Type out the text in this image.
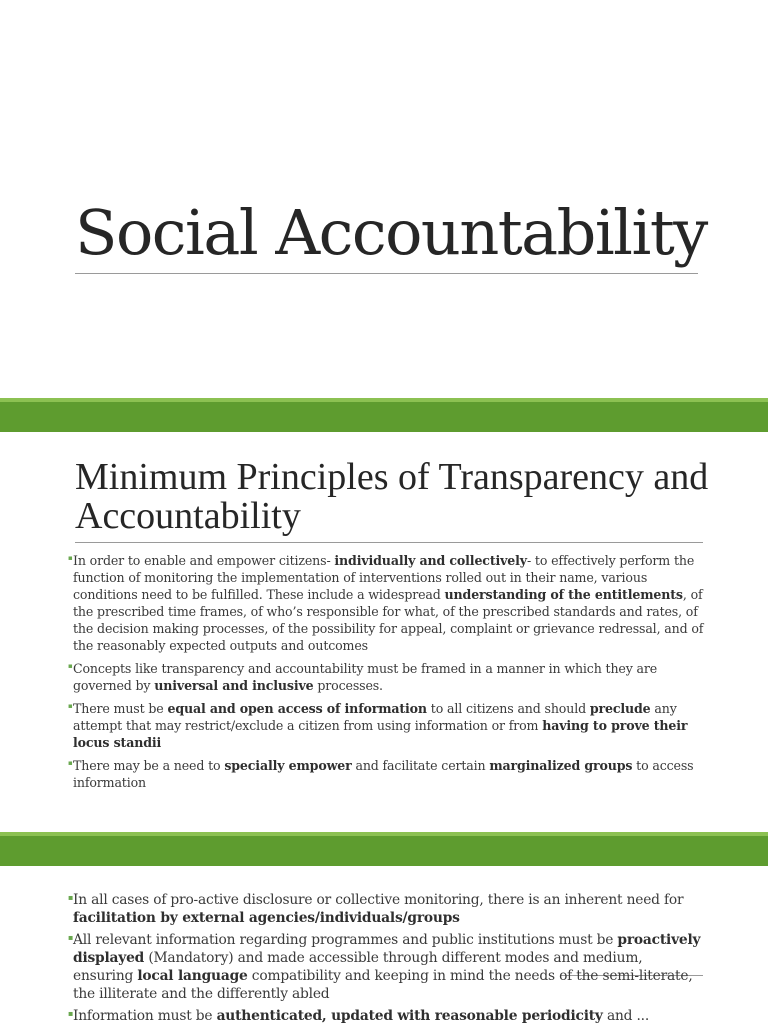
Social Accountability
Minimum Principles of Transparency and Accountability
▪ In order to enable and empower citizens- individually and collectively- to effectively perform the function of monitoring the implementation of interventions rolled out in their name, various conditions need to be fulfilled. These include a widespread understanding of the entitlements, of the prescribed time frames, of who’s responsible for what, of the prescribed standards and rates, of the decision making processes, of the possibility for appeal, complaint or grievance redressal, and of the reasonably expected outputs and outcomes
▪ Concepts like transparency and accountability must be framed in a manner in which they are governed by universal and inclusive processes.
▪ There must be equal and open access of information to all citizens and should preclude any attempt that may restrict/exclude a citizen from using information or from having to prove their locus standii
▪ There may be a need to specially empower and facilitate certain marginalized groups to access information
▪ In all cases of pro-active disclosure or collective monitoring, there is an inherent need for facilitation by external agencies/individuals/groups
▪ All relevant information regarding programmes and public institutions must be proactively displayed (Mandatory) and made accessible through different modes and medium, ensuring local language compatibility and keeping in mind the needs of the semi-literate, the illiterate and the differently abled
▪ Information must be authenticated, updated with reasonable periodicity and ...
